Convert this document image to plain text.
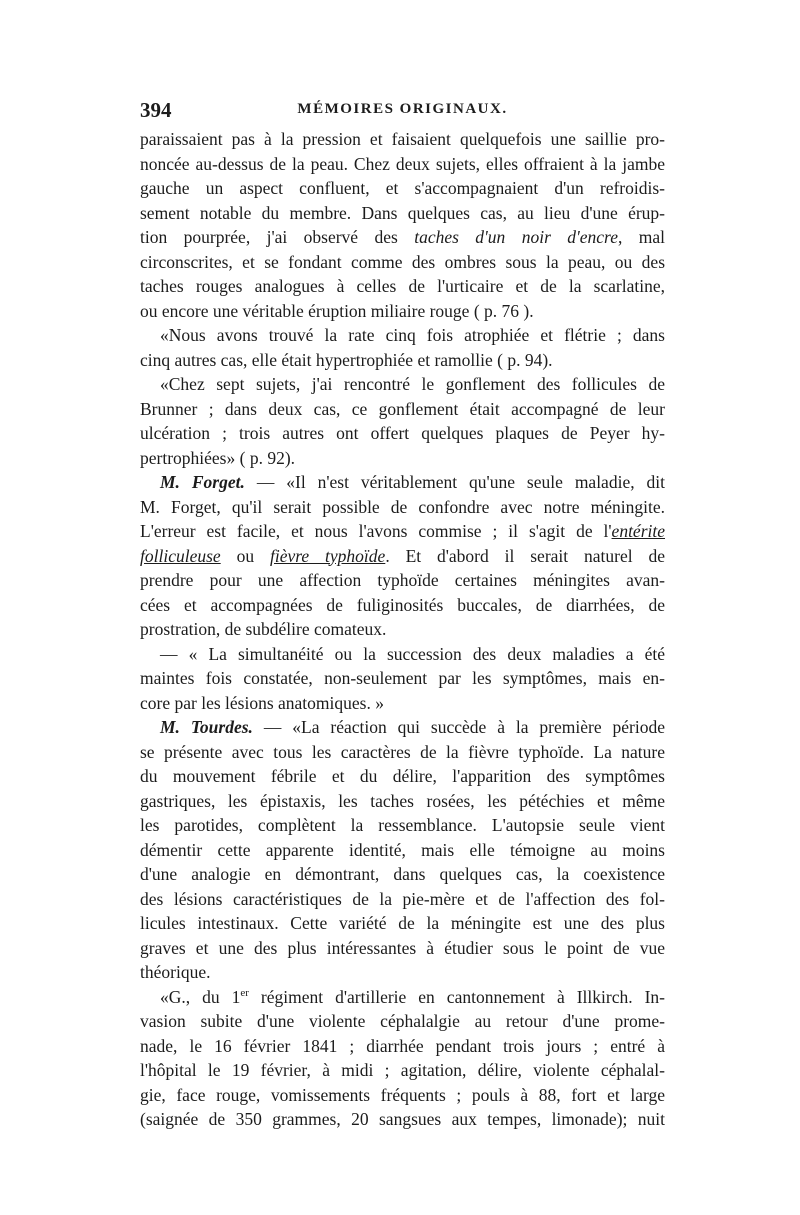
394	MÉMOIRES ORIGINAUX.
paraissaient pas à la pression et faisaient quelquefois une saillie pro-
noncée au-dessus de la peau. Chez deux sujets, elles offraient à la jambe
gauche un aspect confluent, et s'accompagnaient d'un refroidis-
sement notable du membre. Dans quelques cas, au lieu d'une érup-
tion pourprée, j'ai observé des taches d'un noir d'encre, mal
circonscrites, et se fondant comme des ombres sous la peau, ou des
taches rouges analogues à celles de l'urticaire et de la scarlatine,
ou encore une véritable éruption miliaire rouge ( p. 76 ).
«Nous avons trouvé la rate cinq fois atrophiée et flétrie ; dans
cinq autres cas, elle était hypertrophiée et ramollie ( p. 94).
«Chez sept sujets, j'ai rencontré le gonflement des follicules de
Brunner ; dans deux cas, ce gonflement était accompagné de leur
ulcération ; trois autres ont offert quelques plaques de Peyer hy-
pertrophiées» ( p. 92).
M. Forget. — «Il n'est véritablement qu'une seule maladie, dit
M. Forget, qu'il serait possible de confondre avec notre méningite.
L'erreur est facile, et nous l'avons commise ; il s'agit de l'entérite
folliculeuse ou fièvre typhoïde. Et d'abord il serait naturel de
prendre pour une affection typhoïde certaines méningites avan-
cées et accompagnées de fuliginosités buccales, de diarrhées, de
prostration, de subdélire comateux.
— « La simultanéité ou la succession des deux maladies a été
maintes fois constatée, non-seulement par les symptômes, mais en-
core par les lésions anatomiques. »
M. Tourdes. — «La réaction qui succède à la première période
se présente avec tous les caractères de la fièvre typhoïde. La nature
du mouvement fébrile et du délire, l'apparition des symptômes
gastriques, les épistaxis, les taches rosées, les pétéchies et même
les parotides, complètent la ressemblance. L'autopsie seule vient
démentir cette apparente identité, mais elle témoigne au moins
d'une analogie en démontrant, dans quelques cas, la coexistence
des lésions caractéristiques de la pie-mère et de l'affection des fol-
licules intestinaux. Cette variété de la méningite est une des plus
graves et une des plus intéressantes à étudier sous le point de vue
théorique.
«G., du 1er régiment d'artillerie en cantonnement à Illkirch. In-
vasion subite d'une violente céphalalgie au retour d'une prome-
nade, le 16 février 1841 ; diarrhée pendant trois jours ; entré à
l'hôpital le 19 février, à midi ; agitation, délire, violente céphalal-
gie, face rouge, vomissements fréquents ; pouls à 88, fort et large
(saignée de 350 grammes, 20 sangsues aux tempes, limonade); nuit
